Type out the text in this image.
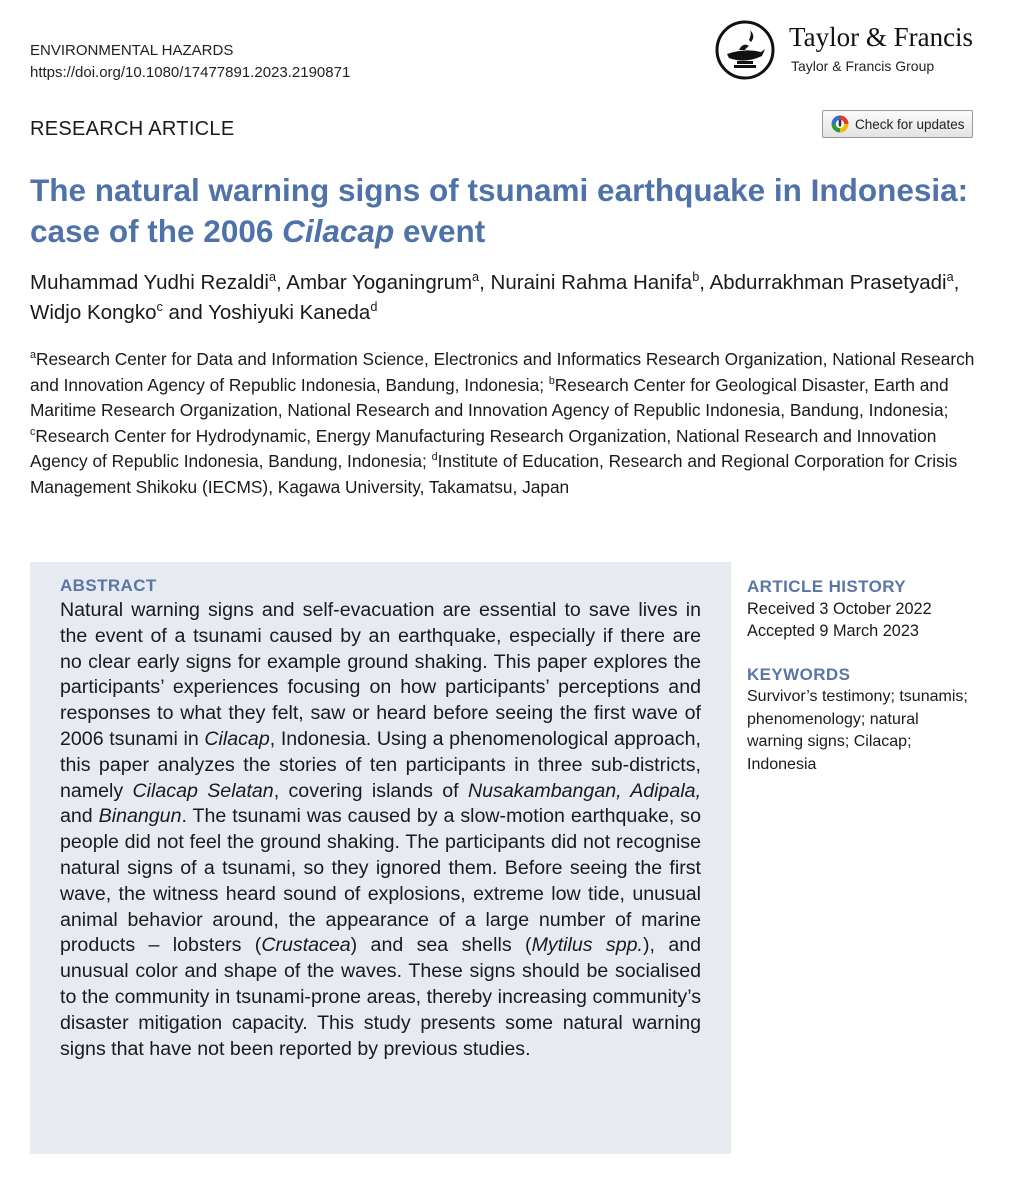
ENVIRONMENTAL HAZARDS
https://doi.org/10.1080/17477891.2023.2190871
Taylor & Francis
Taylor & Francis Group
RESEARCH ARTICLE	Check for updates
The natural warning signs of tsunami earthquake in Indonesia: case of the 2006 Cilacap event
Muhammad Yudhi Rezaldi$^a$, Ambar Yoganingrum$^a$, Nuraini Rahma Hanifa$^b$, Abdurrakhman Prasetyadi$^a$, Widjo Kongko$^c$ and Yoshiyuki Kaneda$^d$
$^a$Research Center for Data and Information Science, Electronics and Informatics Research Organization, National Research and Innovation Agency of Republic Indonesia, Bandung, Indonesia; $^b$Research Center for Geological Disaster, Earth and Maritime Research Organization, National Research and Innovation Agency of Republic Indonesia, Bandung, Indonesia; $^c$Research Center for Hydrodynamic, Energy Manufacturing Research Organization, National Research and Innovation Agency of Republic Indonesia, Bandung, Indonesia; $^d$Institute of Education, Research and Regional Corporation for Crisis Management Shikoku (IECMS), Kagawa University, Takamatsu, Japan
ABSTRACT
Natural warning signs and self-evacuation are essential to save lives in the event of a tsunami caused by an earthquake, especially if there are no clear early signs for example ground shaking. This paper explores the participants’ experiences focusing on how participants’ perceptions and responses to what they felt, saw or heard before seeing the first wave of 2006 tsunami in Cilacap, Indonesia. Using a phenomenological approach, this paper analyzes the stories of ten participants in three sub-districts, namely Cilacap Selatan, covering islands of Nusakambangan, Adipala, and Binangun. The tsunami was caused by a slow-motion earthquake, so people did not feel the ground shaking. The participants did not recognise natural signs of a tsunami, so they ignored them. Before seeing the first wave, the witness heard sound of explosions, extreme low tide, unusual animal behavior around, the appearance of a large number of marine products – lobsters (Crustacea) and sea shells (Mytilus spp.), and unusual color and shape of the waves. These signs should be socialised to the community in tsunami-prone areas, thereby increasing community’s disaster mitigation capacity. This study presents some natural warning signs that have not been reported by previous studies.
ARTICLE HISTORY
Received 3 October 2022
Accepted 9 March 2023
KEYWORDS
Survivor’s testimony; tsunamis; phenomenology; natural warning signs; Cilacap; Indonesia
